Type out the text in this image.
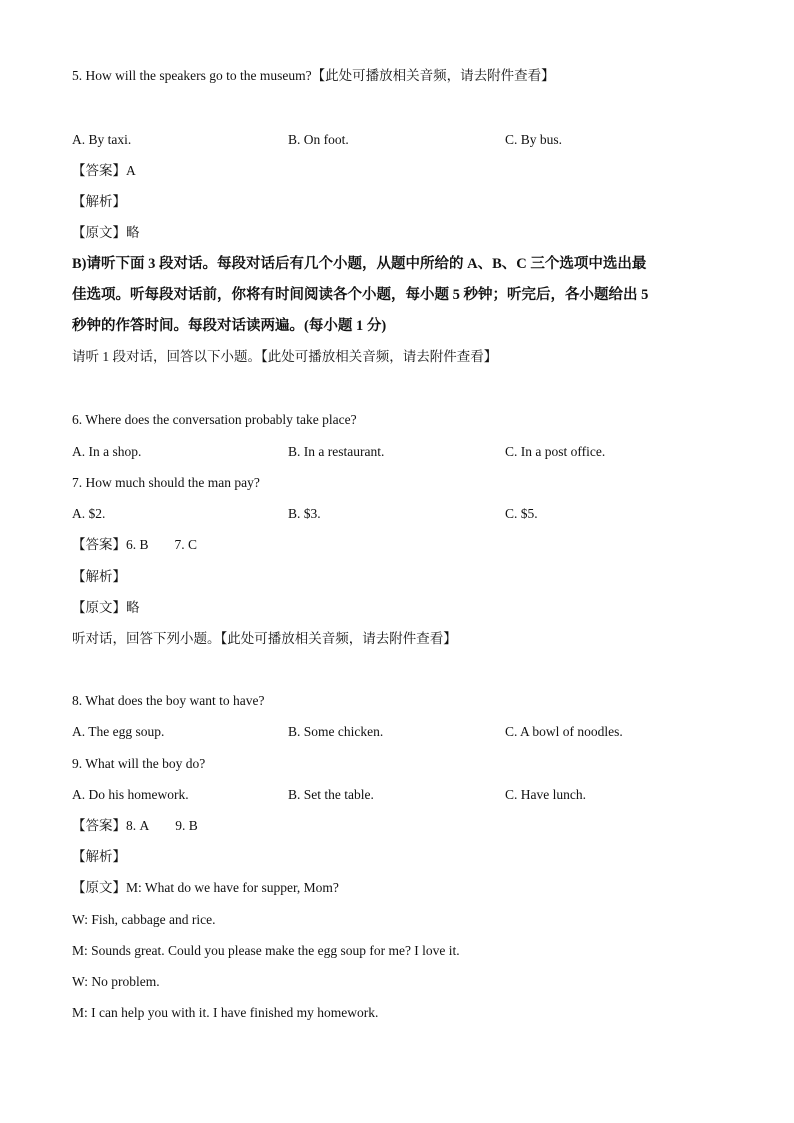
5. How will the speakers go to the museum?【此处可播放相关音频，请去附件查看】
A. By taxi.	B. On foot.	C. By bus.
【答案】A
【解析】
【原文】略
B)请听下面 3 段对话。每段对话后有几个小题，从题中所给的 A、B、C 三个选项中选出最
佳选项。听每段对话前，你将有时间阅读各个小题，每小题 5 秒钟；听完后，各小题给出 5
秒钟的作答时间。每段对话读两遍。(每小题 1 分)
请听 1 段对话，回答以下小题。【此处可播放相关音频，请去附件查看】
6. Where does the conversation probably take place?
A. In a shop.	B. In a restaurant.	C. In a post office.
7. How much should the man pay?
A. $2.	B. $3.	C. $5.
【答案】6. B 7. C
【解析】
【原文】略
听对话，回答下列小题。【此处可播放相关音频，请去附件查看】
8. What does the boy want to have?
A. The egg soup.	B. Some chicken.	C. A bowl of noodles.
9. What will the boy do?
A. Do his homework.	B. Set the table.	C. Have lunch.
【答案】8. A 9. B
【解析】
【原文】M: What do we have for supper, Mom?
W: Fish, cabbage and rice.
M: Sounds great. Could you please make the egg soup for me? I love it.
W: No problem.
M: I can help you with it. I have finished my homework.
